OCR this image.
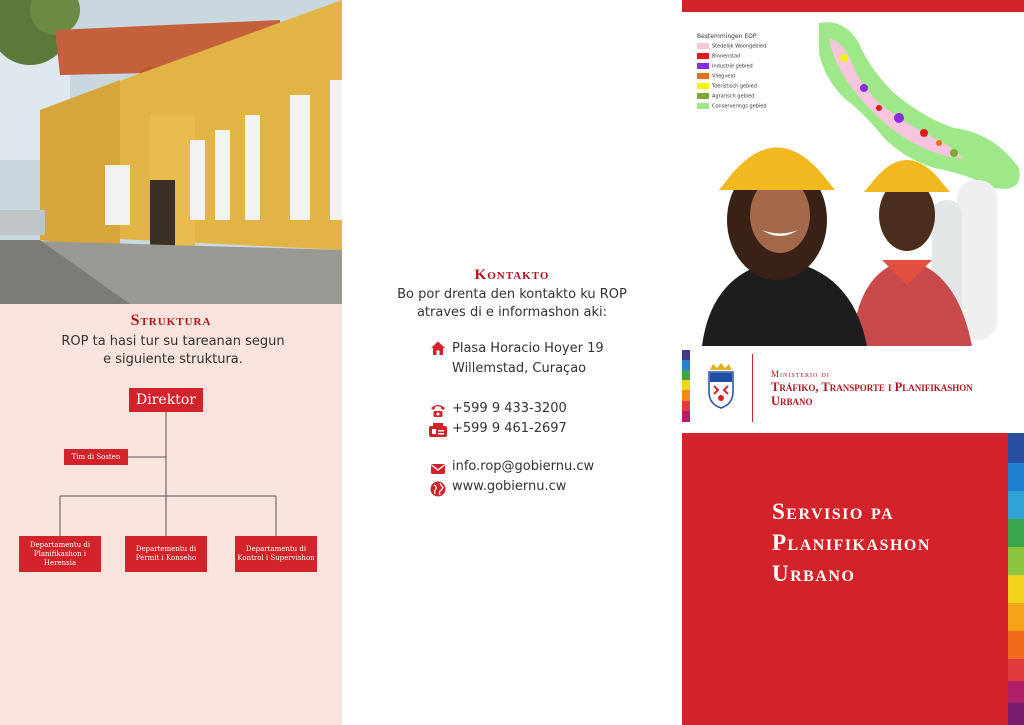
Struktura
ROP ta hasi tur su tareanan segun e siguiente struktura.
Direktor
Tim di Sosten
Departamentu di Planifikashon i Herensia
Departementu di Pèrmit i Konseho
Departamentu di Kontrol i Supervishon
Kontakto
Bo por drenta den kontakto ku ROP atraves di e informashon aki:
Plasa Horacio Hoyer 19
Willemstad, Curaçao
+599 9 433-3200
+599 9 461-2697
info.rop@gobiernu.cw
www.gobiernu.cw
Bestemmingen EOP
Stedelijk Woongebied
Binnenstad
Industrie gebied
Vliegveld
Toeristisch gebied
Agrarisch gebied
Conserverings gebied
Ministerio di
Tráfiko, Transporte i Planifikashon Urbano
Servisio pa Planifikashon Urbano
